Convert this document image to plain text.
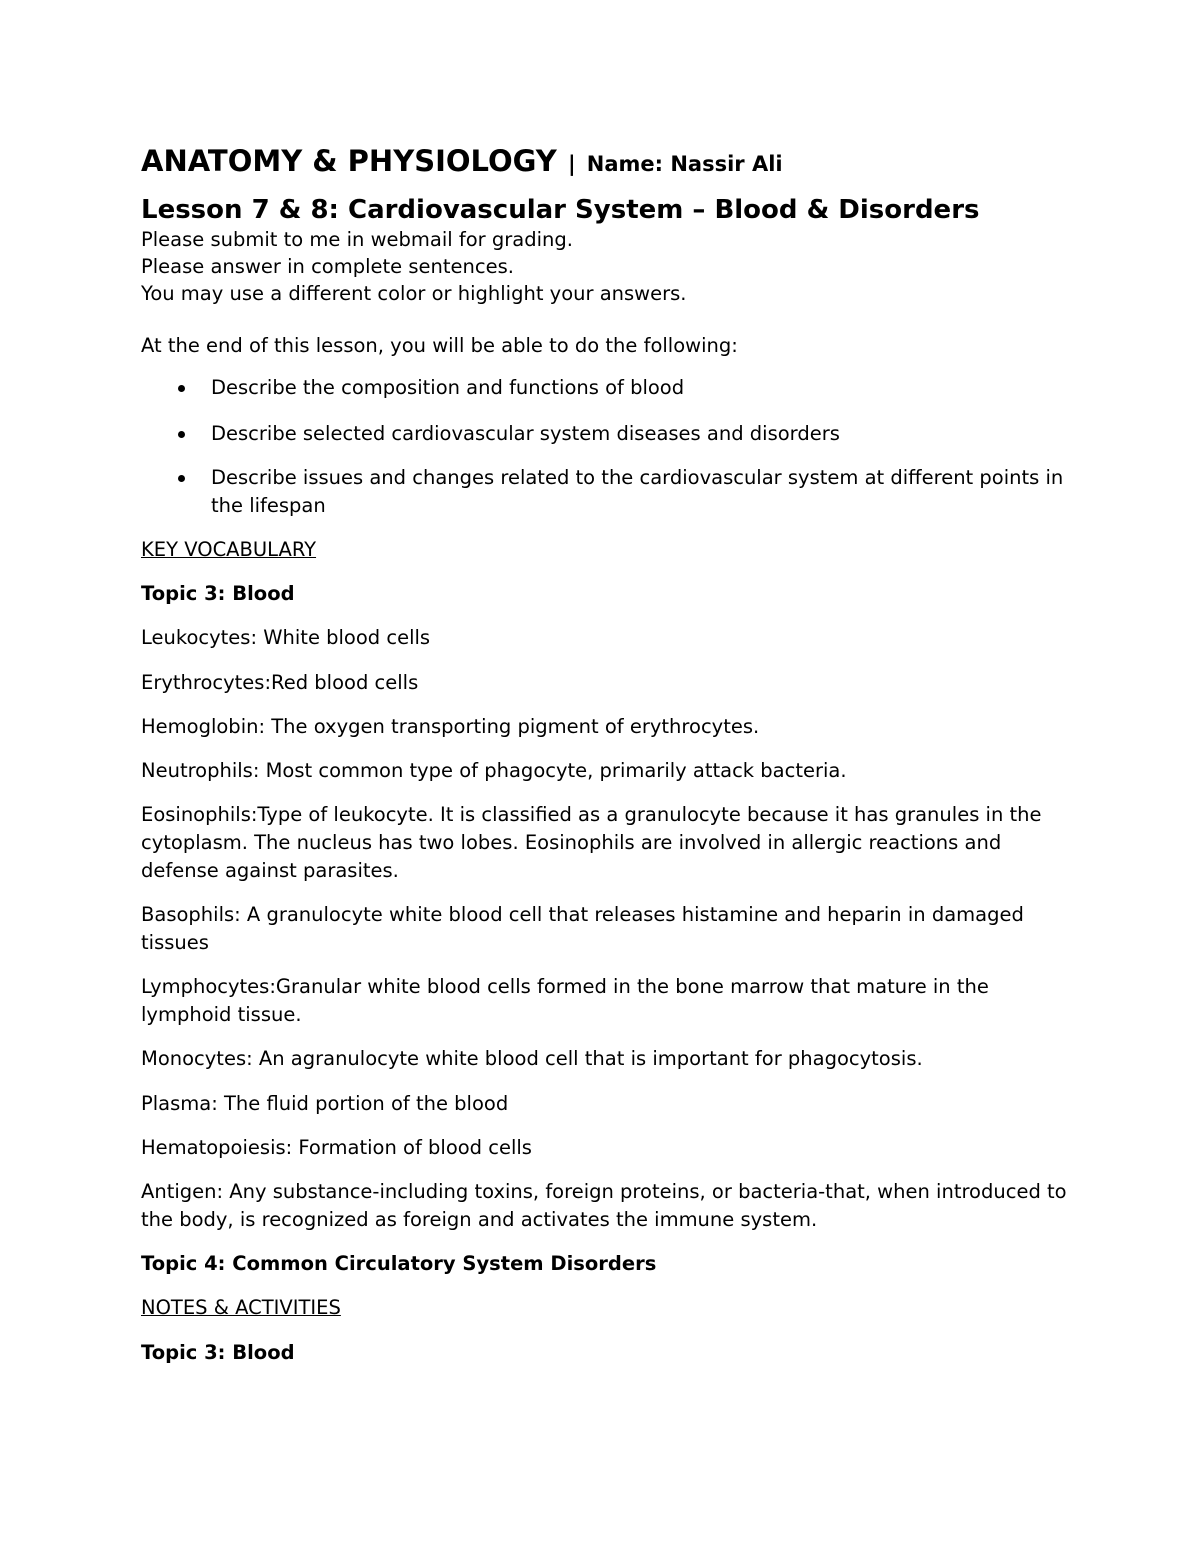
ANATOMY & PHYSIOLOGY | Name: Nassir Ali
Lesson 7 & 8: Cardiovascular System – Blood & Disorders

Please submit to me in webmail for grading.

Please answer in complete sentences.

You may use a different color or highlight your answers.

At the end of this lesson, you will be able to do the following:

Describe the composition and functions of blood
Describe selected cardiovascular system diseases and disorders
Describe issues and changes related to the cardiovascular system at different points in the lifespan

KEY VOCABULARY

Topic 3: Blood

Leukocytes: White blood cells

Erythrocytes:Red blood cells

Hemoglobin: The oxygen transporting pigment of erythrocytes.

Neutrophils: Most common type of phagocyte, primarily attack bacteria.

Eosinophils:Type of leukocyte. It is classified as a granulocyte because it has granules in the cytoplasm. The nucleus has two lobes. Eosinophils are involved in allergic reactions and defense against parasites.

Basophils: A granulocyte white blood cell that releases histamine and heparin in damaged tissues

Lymphocytes:Granular white blood cells formed in the bone marrow that mature in the lymphoid tissue.

Monocytes: An agranulocyte white blood cell that is important for phagocytosis.

Plasma: The fluid portion of the blood

Hematopoiesis: Formation of blood cells

Antigen: Any substance-including toxins, foreign proteins, or bacteria-that, when introduced to the body, is recognized as foreign and activates the immune system.

Topic 4: Common Circulatory System Disorders

NOTES & ACTIVITIES

Topic 3: Blood
